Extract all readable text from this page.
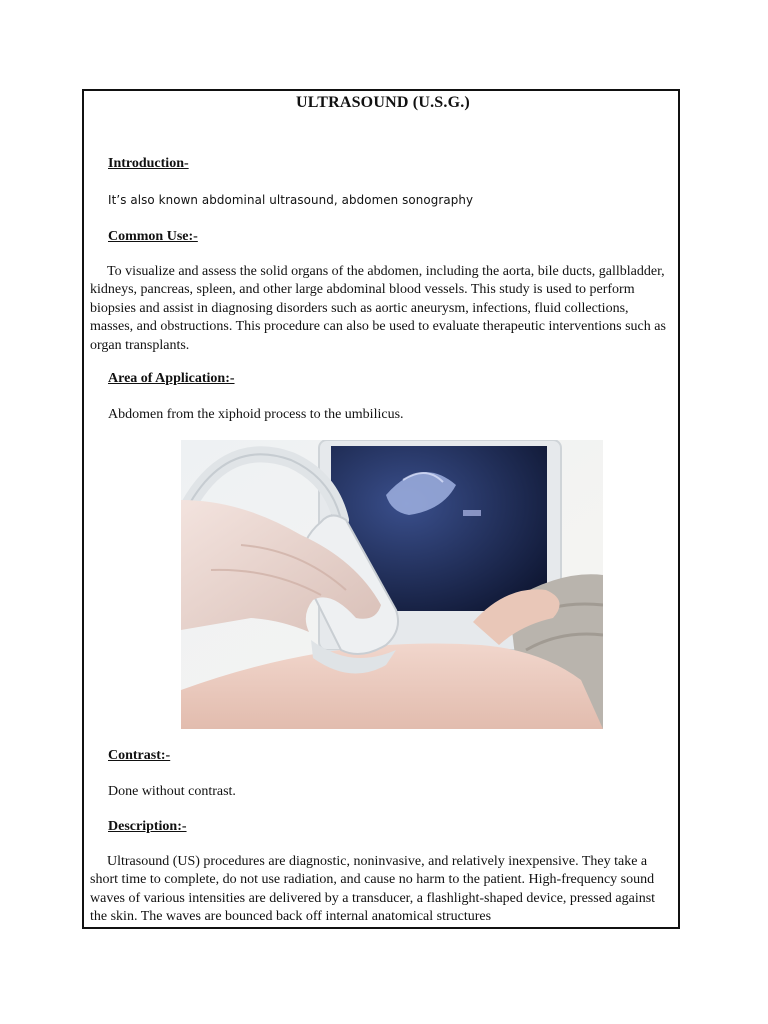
ULTRASOUND (U.S.G.)
Introduction-
It’s also known abdominal ultrasound, abdomen sonography
Common Use:-
To visualize and assess the solid organs of the abdomen, including the aorta, bile ducts, gallbladder, kidneys, pancreas, spleen, and other large abdominal blood vessels. This study is used to perform biopsies and assist in diagnosing disorders such as aortic aneurysm, infections, fluid collections, masses, and obstructions. This procedure can also be used to evaluate therapeutic interventions such as organ transplants.
Area of Application:-
Abdomen from the xiphoid process to the umbilicus.
Contrast:-
Done without contrast.
Description:-
Ultrasound (US) procedures are diagnostic, noninvasive, and relatively inexpensive. They take a short time to complete, do not use radiation, and cause no harm to the patient. High-frequency sound waves of various intensities are delivered by a transducer, a flashlight-shaped device, pressed against the skin. The waves are bounced back off internal anatomical structures
